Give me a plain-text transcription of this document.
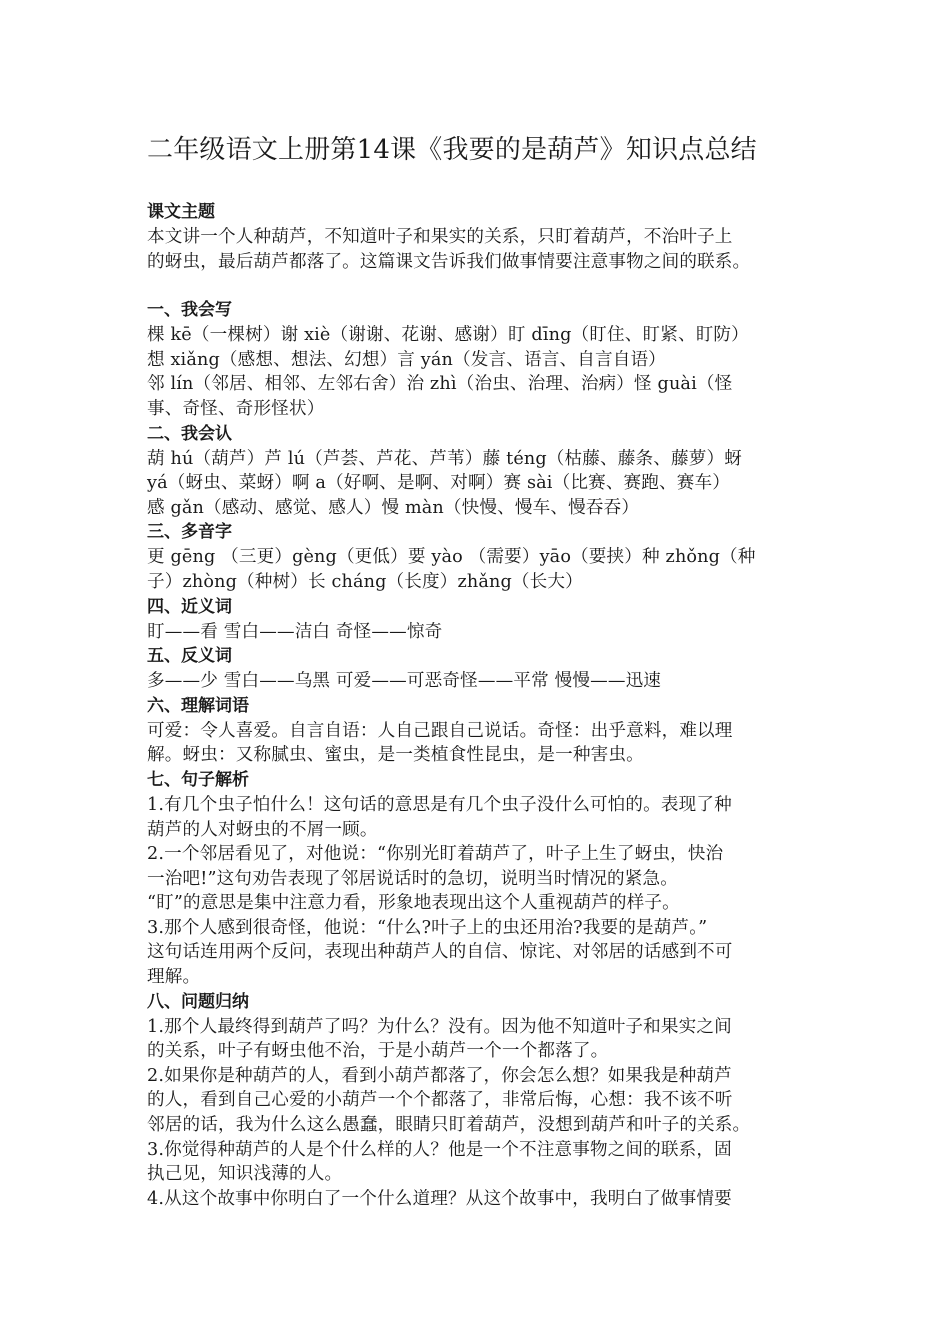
二年级语文上册第14课《我要的是葫芦》知识点总结
课文主题
本文讲一个人种葫芦，不知道叶子和果实的关系，只盯着葫芦，不治叶子上
的蚜虫，最后葫芦都落了。这篇课文告诉我们做事情要注意事物之间的联系。
一、我会写
棵 kē（一棵树）谢 xiè（谢谢、花谢、感谢）盯 dīng（盯住、盯紧、盯防）
想 xiǎng（感想、想法、幻想）言 yán（发言、语言、自言自语）
邻 lín（邻居、相邻、左邻右舍）治 zhì（治虫、治理、治病）怪 guài（怪
事、奇怪、奇形怪状）
二、我会认
葫 hú（葫芦）芦 lú（芦荟、芦花、芦苇）藤 téng（枯藤、藤条、藤萝）蚜
yá（蚜虫、菜蚜）啊 a（好啊、是啊、对啊）赛 sài（比赛、赛跑、赛车）
感 gǎn（感动、感觉、感人）慢 màn（快慢、慢车、慢吞吞）
三、多音字
更 gēng （三更）gèng（更低）要 yào （需要）yāo（要挟）种 zhǒng（种
子）zhòng（种树）长 cháng（长度）zhǎng（长大）
四、近义词
盯——看 雪白——洁白 奇怪——惊奇
五、反义词
多——少 雪白——乌黑 可爱——可恶奇怪——平常 慢慢——迅速
六、理解词语
可爱：令人喜爱。自言自语：人自己跟自己说话。奇怪：出乎意料，难以理
解。蚜虫：又称腻虫、蜜虫，是一类植食性昆虫，是一种害虫。
七、句子解析
1.有几个虫子怕什么！这句话的意思是有几个虫子没什么可怕的。表现了种
葫芦的人对蚜虫的不屑一顾。
2.一个邻居看见了，对他说：“你别光盯着葫芦了，叶子上生了蚜虫，快治
一治吧!”这句劝告表现了邻居说话时的急切，说明当时情况的紧急。
“盯”的意思是集中注意力看，形象地表现出这个人重视葫芦的样子。
3.那个人感到很奇怪，他说：“什么?叶子上的虫还用治?我要的是葫芦。”
这句话连用两个反问，表现出种葫芦人的自信、惊诧、对邻居的话感到不可
理解。
八、问题归纳
1.那个人最终得到葫芦了吗？为什么？没有。因为他不知道叶子和果实之间
的关系，叶子有蚜虫他不治，于是小葫芦一个一个都落了。
2.如果你是种葫芦的人，看到小葫芦都落了，你会怎么想？如果我是种葫芦
的人，看到自己心爱的小葫芦一个个都落了，非常后悔，心想：我不该不听
邻居的话，我为什么这么愚蠢，眼睛只盯着葫芦，没想到葫芦和叶子的关系。
3.你觉得种葫芦的人是个什么样的人？他是一个不注意事物之间的联系，固
执己见，知识浅薄的人。
4.从这个故事中你明白了一个什么道理？从这个故事中，我明白了做事情要
